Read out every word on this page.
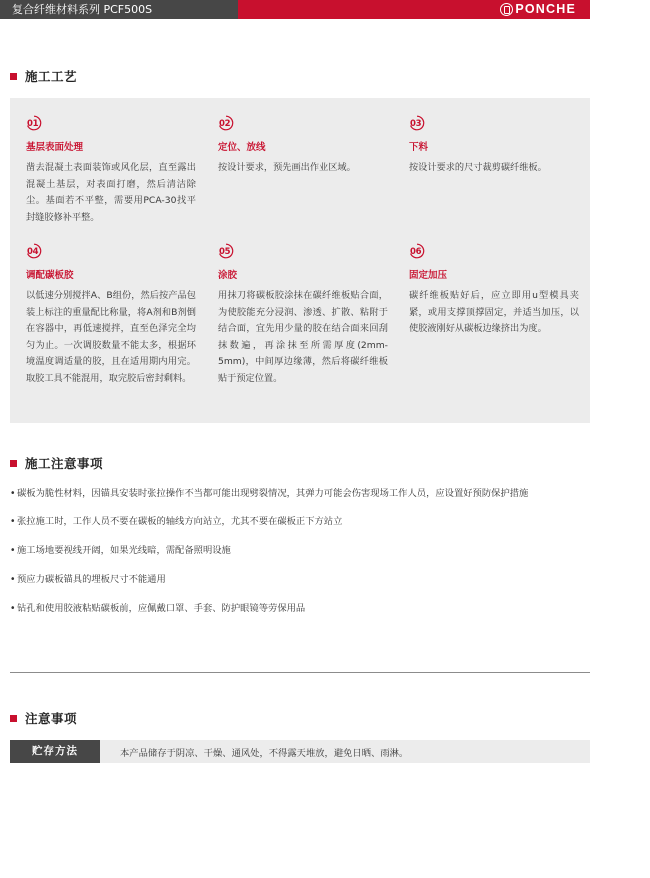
复合纤维材料系列 PCF500S	PONCHE
施工工艺
01
基层表面处理
凿去混凝土表面装饰或风化层，直至露出混凝土基层，对表面打磨，然后清洁除尘。基面若不平整，需要用PCA-30找平封缝胶修补平整。
02
定位、放线
按设计要求，预先画出作业区域。
03
下料
按设计要求的尺寸裁剪碳纤维板。
04
调配碳板胶
以低速分别搅拌A、B组份，然后按产品包装上标注的重量配比称量，将A剂和B剂倒在容器中，再低速搅拌，直至色泽完全均匀为止。一次调胶数量不能太多，根据环境温度调适量的胶，且在适用期内用完。取胶工具不能混用，取完胶后密封剩料。
05
涂胶
用抹刀将碳板胶涂抹在碳纤维板贴合面，为使胶能充分浸润、渗透、扩散、粘附于结合面，宜先用少量的胶在结合面来回刮抹数遍，再涂抹至所需厚度(2mm-5mm)，中间厚边缘薄，然后将碳纤维板贴于预定位置。
06
固定加压
碳纤维板贴好后，应立即用u型模具夹紧，或用支撑顶撑固定，并适当加压，以使胶液刚好从碳板边缘挤出为度。
施工注意事项
• 碳板为脆性材料，因锚具安装时张拉操作不当都可能出现劈裂情况，其弹力可能会伤害现场工作人员，应设置好预防保护措施
• 张拉施工时，工作人员不要在碳板的轴线方向站立，尤其不要在碳板正下方站立
• 施工场地要视线开阔，如果光线暗，需配备照明设施
• 预应力碳板锚具的埋板尺寸不能通用
• 钻孔和使用胶液粘贴碳板前，应佩戴口罩、手套、防护眼镜等劳保用品
注意事项
贮存方法	本产品储存于阴凉、干燥、通风处，不得露天堆放，避免日晒、雨淋。
